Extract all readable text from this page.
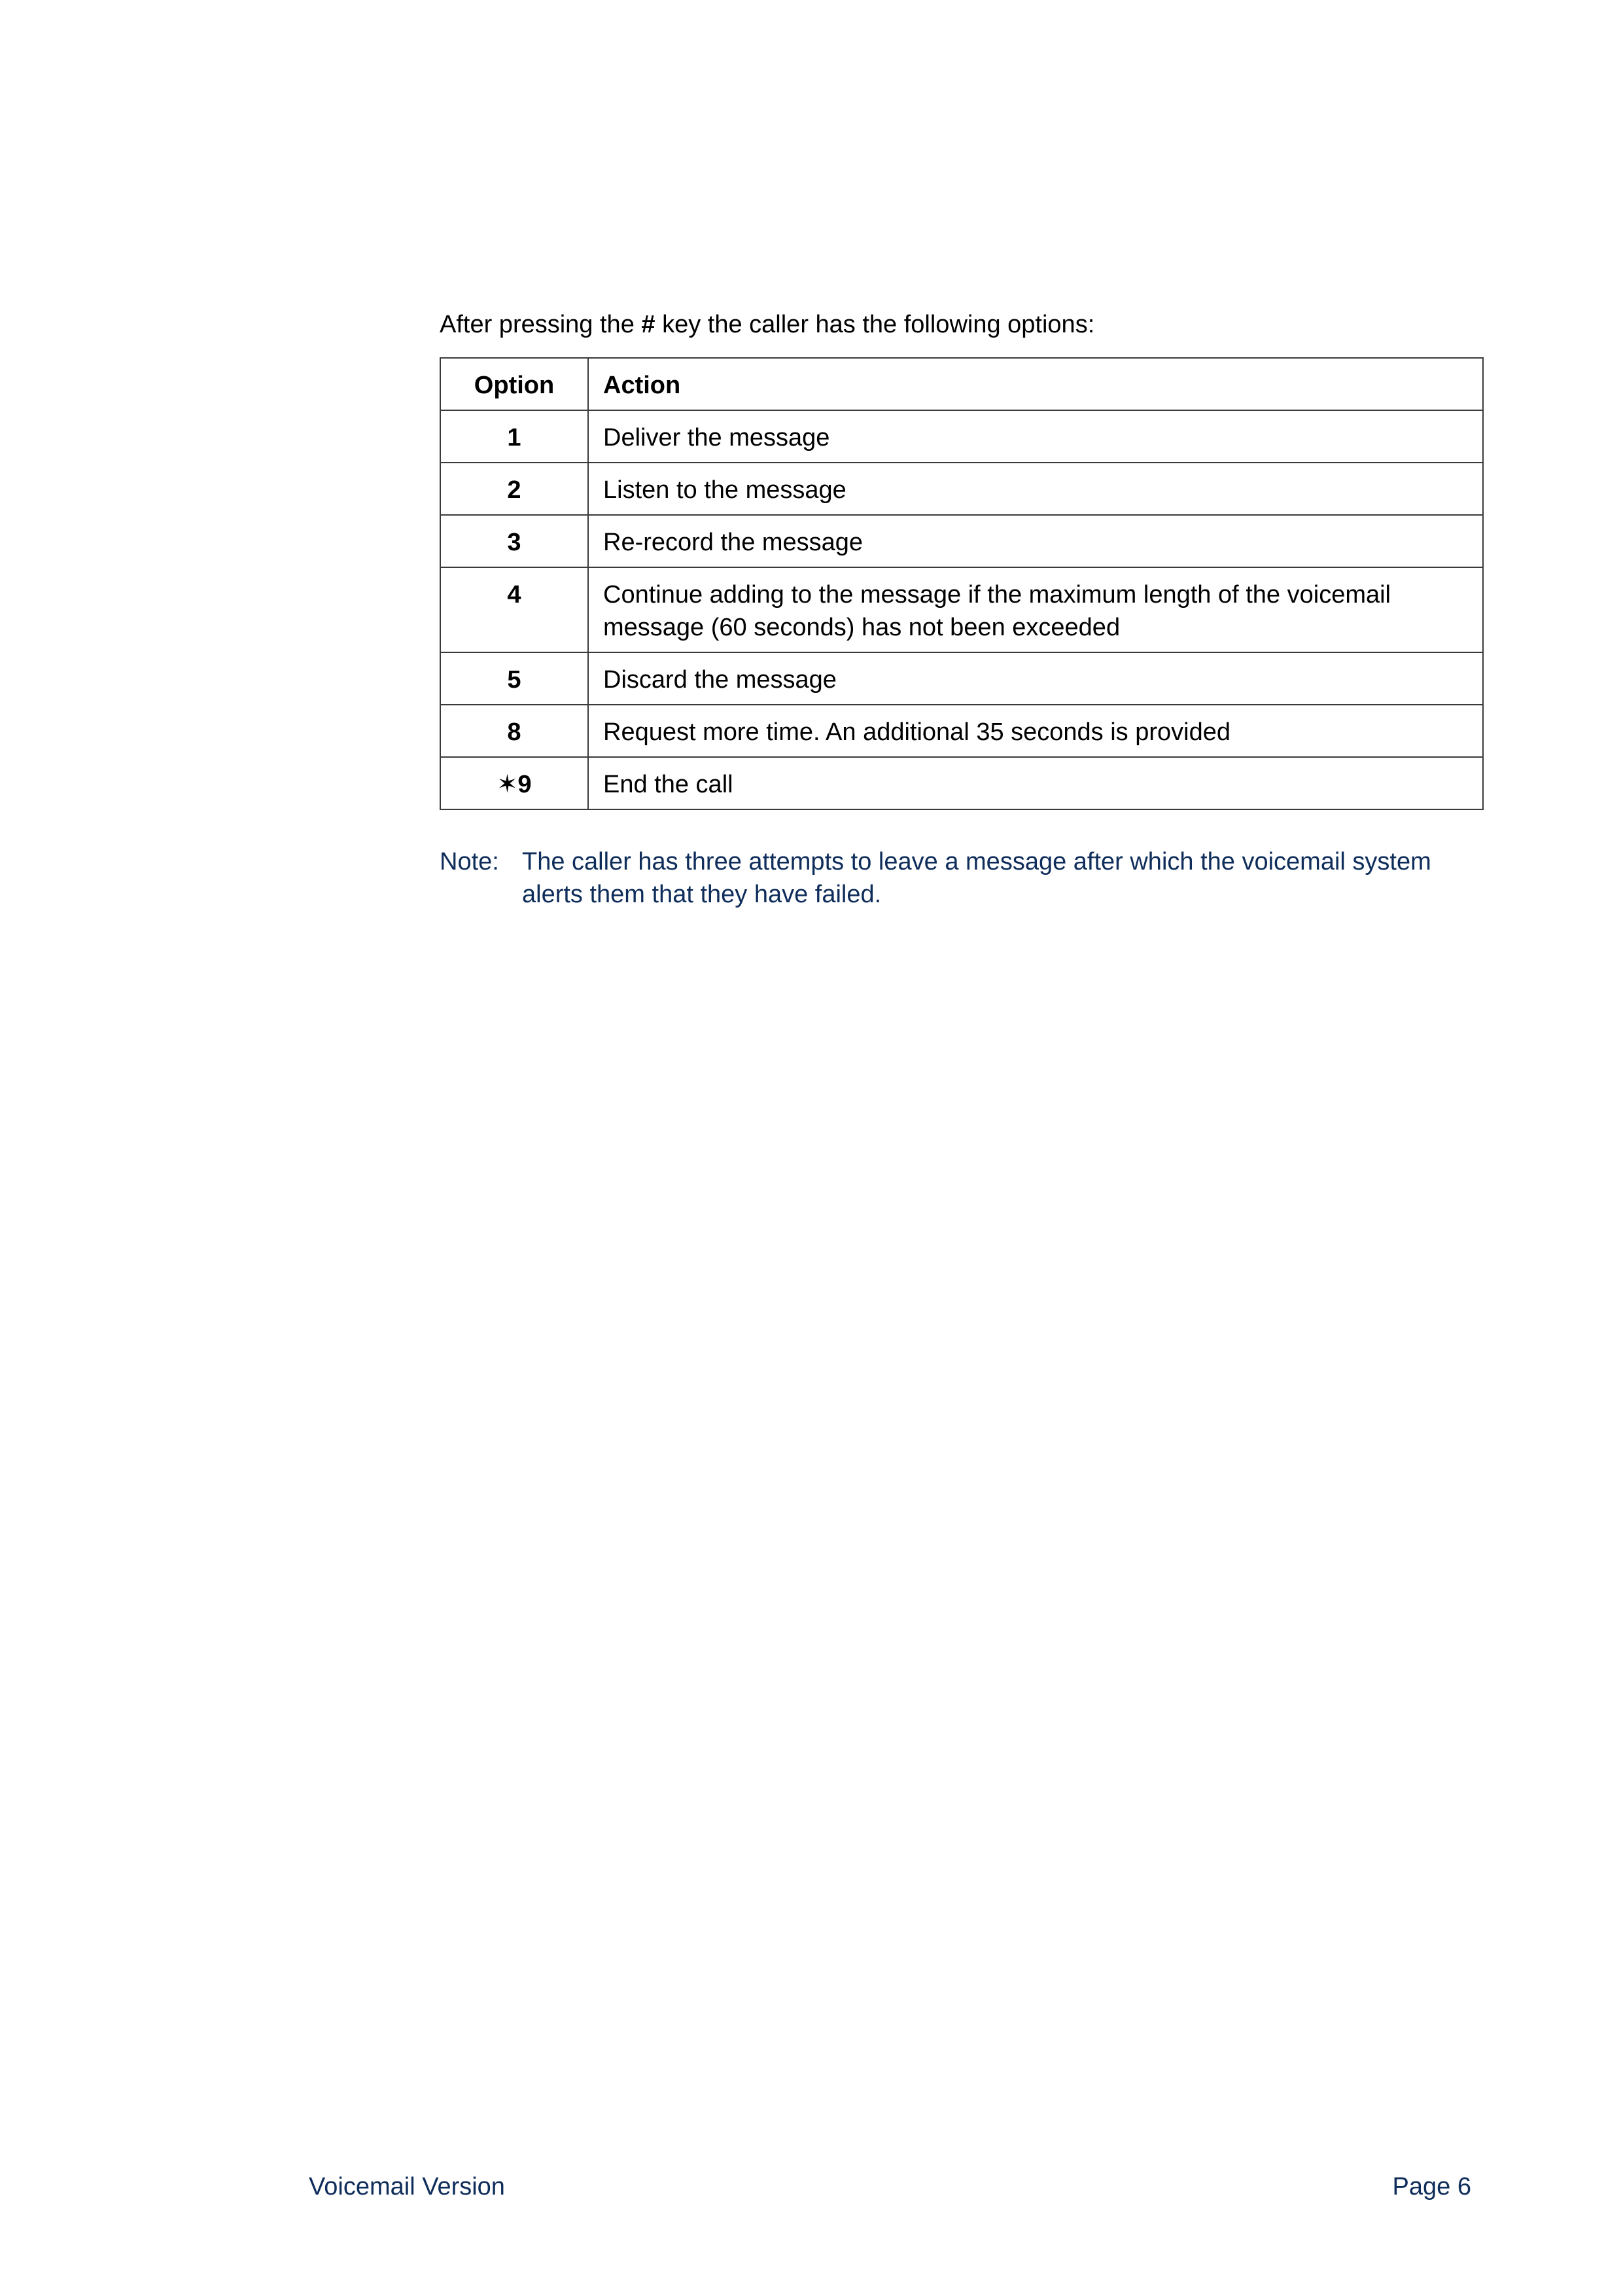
After pressing the # key the caller has the following options:
Option	Action
1	Deliver the message
2	Listen to the message
3	Re-record the message
4	Continue adding to the message if the maximum length of the voicemail message (60 seconds) has not been exceeded
5	Discard the message
8	Request more time. An additional 35 seconds is provided
✶9	End the call
Note: The caller has three attempts to leave a message after which the voicemail system alerts them that they have failed.
Voicemail Version	Page 6
